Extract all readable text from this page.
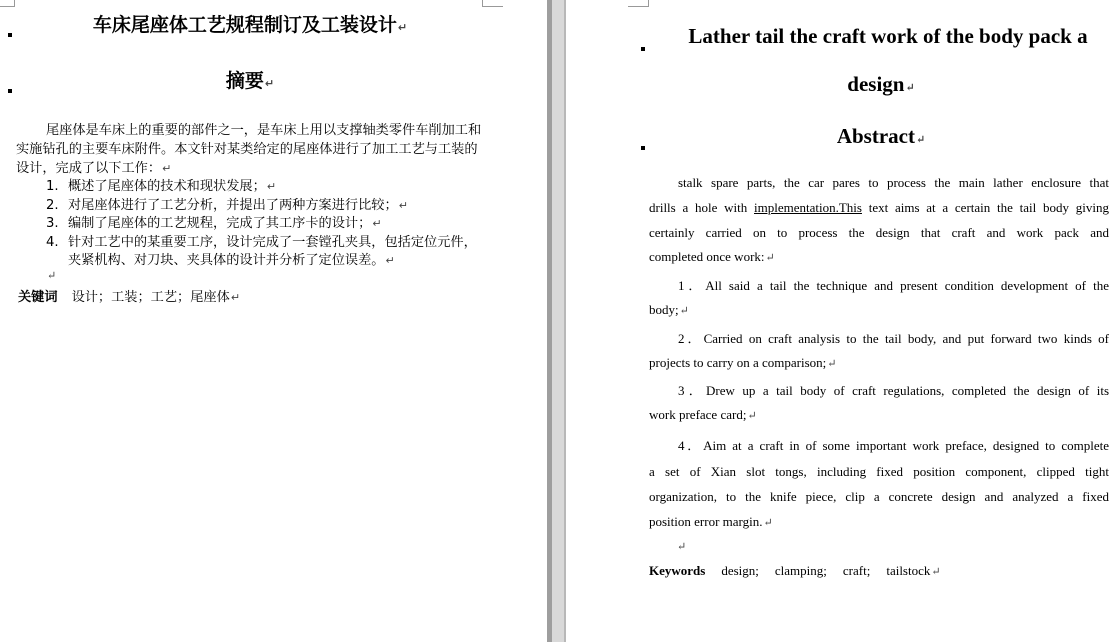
车床尾座体工艺规程制订及工装设计↵
摘要↵
尾座体是车床上的重要的部件之一，是车床上用以支撑轴类零件车削加工和实施钻孔的主要车床附件。本文针对某类给定的尾座体进行了加工工艺与工装的设计，完成了以下工作：↵
1. 概述了尾座体的技术和现状发展；↵
2. 对尾座体进行了工艺分析，并提出了两种方案进行比较；↵
3. 编制了尾座体的工艺规程，完成了其工序卡的设计；↵
4. 针对工艺中的某重要工序，设计完成了一套镗孔夹具，包括定位元件，夹紧机构、对刀块、夹具体的设计并分析了定位误差。↵
↵
关键词 设计；工装；工艺；尾座体↵
Lather tail the craft work of the body pack a
design↵
Abstract↵
stalk spare parts, the car pares to process the main lather enclosure that
drills a hole with implementation.This text aims at a certain the tail body giving
certainly carried on to process the design that craft and work pack and
completed once work:↵
1．All said a tail the technique and present condition development of the
body;↵
2．Carried on craft analysis to the tail body, and put forward two kinds of
projects to carry on a comparison;↵
3．Drew up a tail body of craft regulations, completed the design of its
work preface card;↵
4．Aim at a craft in of some important work preface, designed to complete
a set of Xian slot tongs, including fixed position component, clipped tight
organization, to the knife piece, clip a concrete design and analyzed a fixed
position error margin.↵
↵
Keywords design; clamping; craft; tailstock↵
